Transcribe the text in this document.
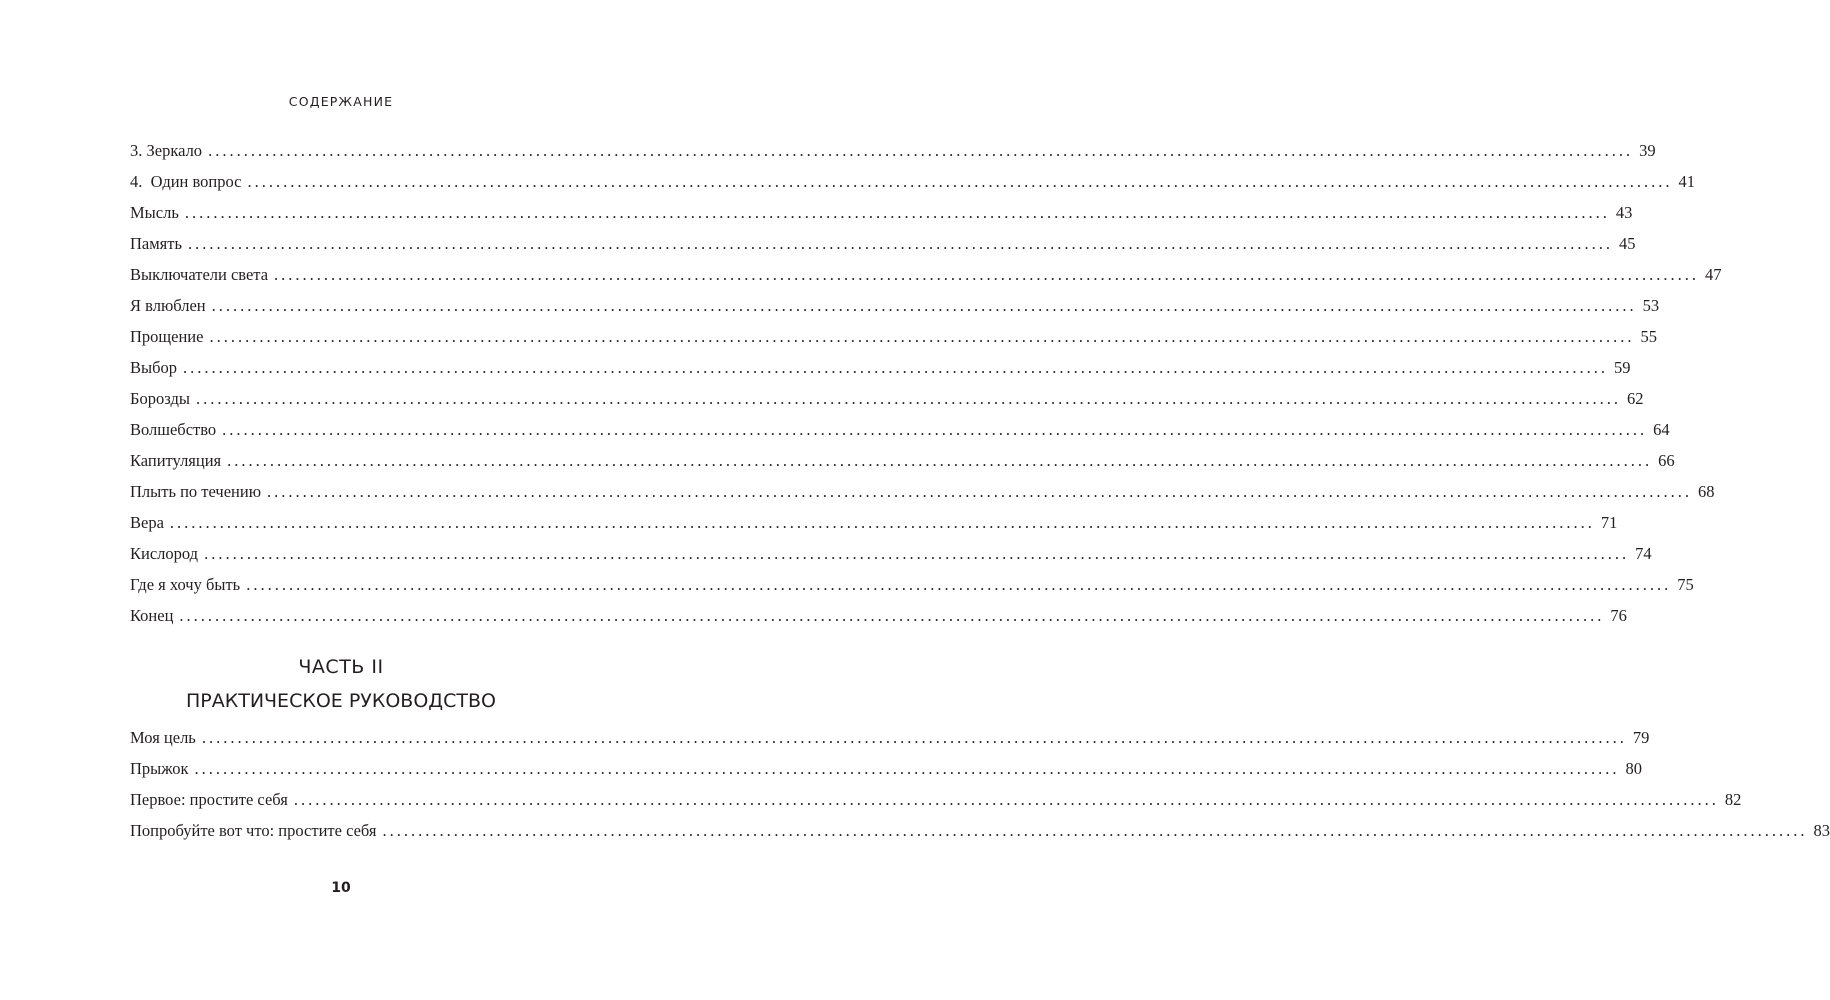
СОДЕРЖАНИЕ
3. Зеркало ........................................................................................................................................................................................................ 39
4.  Один вопрос ........................................................................................................................................................................................................ 41
Мысль ........................................................................................................................................................................................................ 43
Память ........................................................................................................................................................................................................ 45
Выключатели света ........................................................................................................................................................................................................ 47
Я влюблен ........................................................................................................................................................................................................ 53
Прощение ........................................................................................................................................................................................................ 55
Выбор ........................................................................................................................................................................................................ 59
Борозды ........................................................................................................................................................................................................ 62
Волшебство ........................................................................................................................................................................................................ 64
Капитуляция ........................................................................................................................................................................................................ 66
Плыть по течению ........................................................................................................................................................................................................ 68
Вера ........................................................................................................................................................................................................ 71
Кислород ........................................................................................................................................................................................................ 74
Где я хочу быть ........................................................................................................................................................................................................ 75
Конец ........................................................................................................................................................................................................ 76
ЧАСТЬ II
ПРАКТИЧЕСКОЕ РУКОВОДСТВО
Моя цель ........................................................................................................................................................................................................ 79
Прыжок ........................................................................................................................................................................................................ 80
Первое: простите себя ........................................................................................................................................................................................................ 82
Попробуйте вот что: простите себя ........................................................................................................................................................................................................ 83
10
